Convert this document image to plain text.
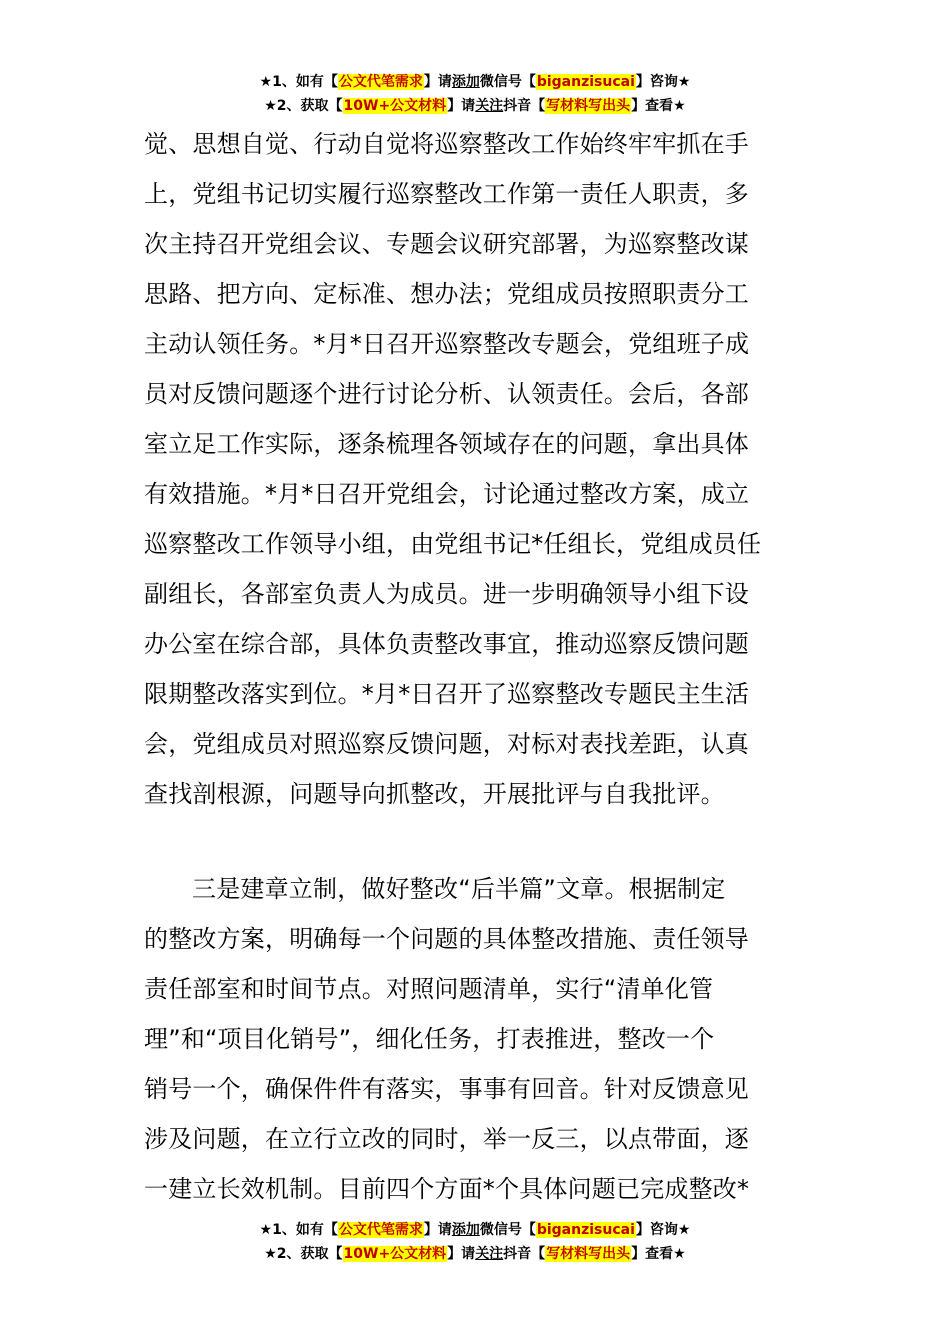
★1、如有【公文代笔需求】请添加微信号【biganzisucai】咨询★
★2、获取【10W+公文材料】请关注抖音【写材料写出头】查看★
觉、思想自觉、行动自觉将巡察整改工作始终牢牢抓在手
上，党组书记切实履行巡察整改工作第一责任人职责，多
次主持召开党组会议、专题会议研究部署，为巡察整改谋
思路、把方向、定标准、想办法；党组成员按照职责分工
主动认领任务。*月*日召开巡察整改专题会，党组班子成
员对反馈问题逐个进行讨论分析、认领责任。会后，各部
室立足工作实际，逐条梳理各领域存在的问题，拿出具体
有效措施。*月*日召开党组会，讨论通过整改方案，成立
巡察整改工作领导小组，由党组书记*任组长，党组成员任
副组长，各部室负责人为成员。进一步明确领导小组下设
办公室在综合部，具体负责整改事宜，推动巡察反馈问题
限期整改落实到位。*月*日召开了巡察整改专题民主生活
会，党组成员对照巡察反馈问题，对标对表找差距，认真
查找剖根源，问题导向抓整改，开展批评与自我批评。
三是建章立制，做好整改“后半篇”文章。根据制定
的整改方案，明确每一个问题的具体整改措施、责任领导
责任部室和时间节点。对照问题清单，实行“清单化管
理”和“项目化销号”，细化任务，打表推进，整改一个
销号一个，确保件件有落实，事事有回音。针对反馈意见
涉及问题，在立行立改的同时，举一反三，以点带面，逐
一建立长效机制。目前四个方面*个具体问题已完成整改*
★1、如有【公文代笔需求】请添加微信号【biganzisucai】咨询★
★2、获取【10W+公文材料】请关注抖音【写材料写出头】查看★
